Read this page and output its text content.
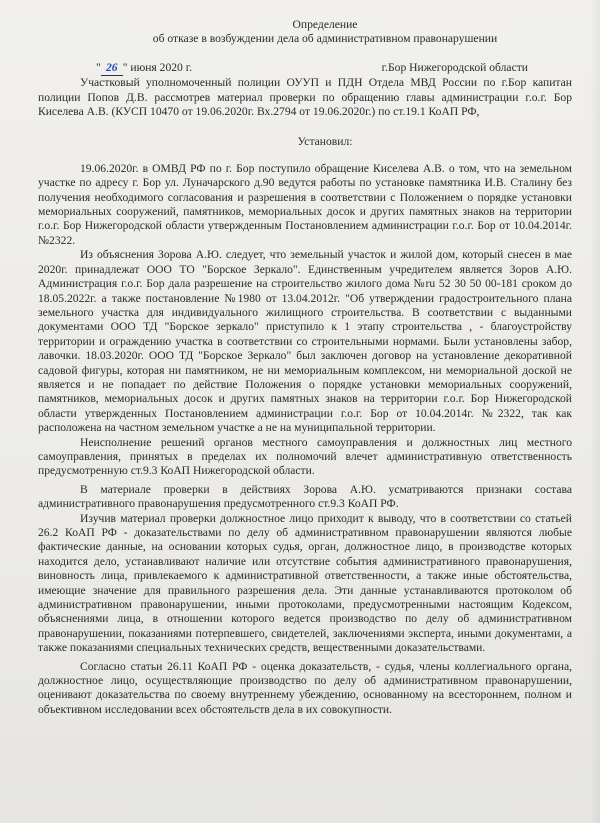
Определение

об отказе в возбуждении дела об административном правонарушении

" 26 " июня 2020 г.	г.Бор Нижегородской области

Участковый уполномоченный полиции ОУУП и ПДН Отдела МВД России по г.Бор капитан полиции Попов Д.В. рассмотрев материал проверки по обращению главы администрации г.о.г. Бор Киселева А.В. (КУСП 10470 от 19.06.2020г. Вх.2794 от 19.06.2020г.) по ст.19.1 КоАП РФ,

Установил:

19.06.2020г. в ОМВД РФ по г. Бор поступило обращение Киселева А.В. о том, что на земельном участке по адресу г. Бор ул. Луначарского д.90 ведутся работы по установке памятника И.В. Сталину без получения необходимого согласования и разрешения в соответствии с Положением о порядке установки мемориальных сооружений, памятников, мемориальных досок и других памятных знаков на территории г.о.г. Бор Нижегородской области утвержденным Постановлением администрации г.о.г. Бор от 10.04.2014г. №2322.

Из объяснения Зорова А.Ю. следует, что земельный участок и жилой дом, который снесен в мае 2020г. принадлежат ООО ТО "Борское Зеркало". Единственным учредителем является Зоров А.Ю. Администрация г.о.г. Бор дала разрешение на строительство жилого дома №ru 52 30 50 00-181 сроком до 18.05.2022г. а также постановление №1980 от 13.04.2012г. "Об утверждении градостроительного плана земельного участка для индивидуального жилищного строительства. В соответствии с выданными документами ООО ТД "Борское зеркало" приступило к 1 этапу строительства , - благоустройству территории и ограждению участка в соответствии со строительными нормами. Были установлены забор, лавочки. 18.03.2020г. ООО ТД "Борское Зеркало" был заключен договор на установление декоративной садовой фигуры, которая ни памятником, не ни мемориальным комплексом, ни мемориальной доской не является и не попадает по действие Положения о порядке установки мемориальных сооружений, памятников, мемориальных досок и других памятных знаков на территории г.о.г. Бор Нижегородской области утвержденных Постановлением администрации г.о.г. Бор от 10.04.2014г. №2322, так как расположена на частном земельном участке а не на муниципальной территории.

Неисполнение решений органов местного самоуправления и должностных лиц местного самоуправления, принятых в пределах их полномочий влечет административную ответственность предусмотренную ст.9.3 КоАП Нижегородской области.

В материале проверки в действиях Зорова А.Ю. усматриваются признаки состава административного правонарушения предусмотренного ст.9.3 КоАП РФ.

Изучив материал проверки должностное лицо приходит к выводу, что в соответствии со статьей 26.2 КоАП РФ - доказательствами по делу об административном правонарушении являются любые фактические данные, на основании которых судья, орган, должностное лицо, в производстве которых находится дело, устанавливают наличие или отсутствие события административного правонарушения, виновность лица, привлекаемого к административной ответственности, а также иные обстоятельства, имеющие значение для правильного разрешения дела. Эти данные устанавливаются протоколом об административном правонарушении, иными протоколами, предусмотренными настоящим Кодексом, объяснениями лица, в отношении которого ведется производство по делу об административном правонарушении, показаниями потерпевшего, свидетелей, заключениями эксперта, иными документами, а также показаниями специальных технических средств, вещественными доказательствами.

Согласно статьи 26.11 КоАП РФ - оценка доказательств, - судья, члены коллегиального органа, должностное лицо, осуществляющие производство по делу об административном правонарушении, оценивают доказательства по своему внутреннему убеждению, основанному на всестороннем, полном и объективном исследовании всех обстоятельств дела в их совокупности.
